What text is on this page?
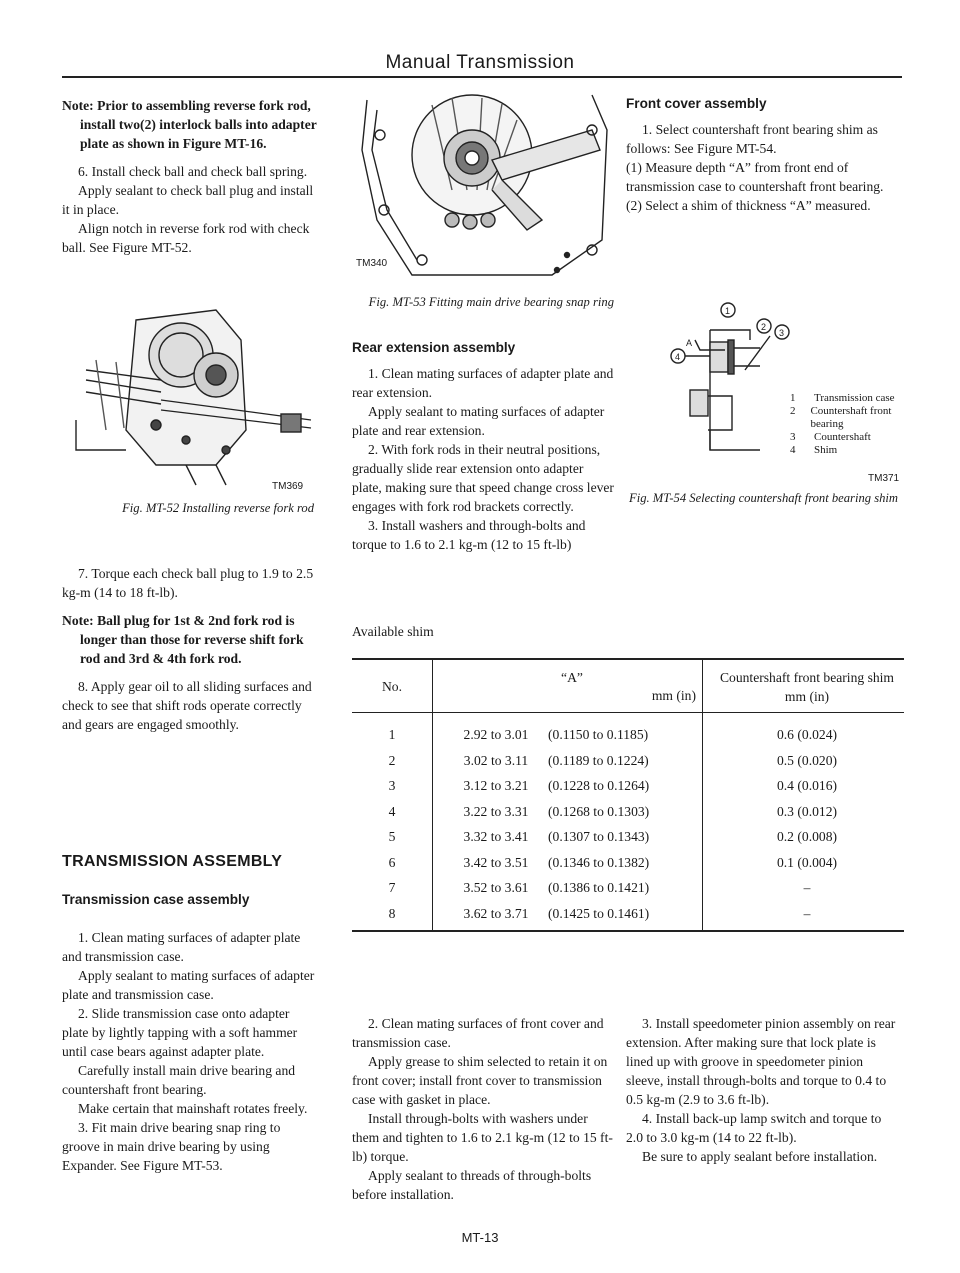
Manual Transmission

Note: Prior to assembling reverse fork rod, install two(2) interlock balls into adapter plate as shown in Figure MT-16.

6. Install check ball and check ball spring.

Apply sealant to check ball plug and install it in place.

Align notch in reverse fork rod with check ball. See Figure MT-52.

TM369
Fig. MT-52 Installing reverse fork rod

7. Torque each check ball plug to 1.9 to 2.5 kg-m (14 to 18 ft-lb).

Note: Ball plug for 1st & 2nd fork rod is longer than those for reverse shift fork rod and 3rd & 4th fork rod.

8. Apply gear oil to all sliding surfaces and check to see that shift rods operate correctly and gears are engaged smoothly.

TRANSMISSION ASSEMBLY
Transmission case assembly

1. Clean mating surfaces of adapter plate and transmission case.

Apply sealant to mating surfaces of adapter plate and transmission case.

2. Slide transmission case onto adapter plate by lightly tapping with a soft hammer until case bears against adapter plate.

Carefully install main drive bearing and countershaft front bearing.

Make certain that mainshaft rotates freely.

3. Fit main drive bearing snap ring to groove in main drive bearing by using Expander. See Figure MT-53.

TM340
Fig. MT-53 Fitting main drive bearing snap ring
Rear extension assembly

1. Clean mating surfaces of adapter plate and rear extension.

Apply sealant to mating surfaces of adapter plate and rear extension.

2. With fork rods in their neutral positions, gradually slide rear extension onto adapter plate, making sure that speed change cross lever engages with fork rod brackets correctly.

3. Install washers and through-bolts and torque to 1.6 to 2.1 kg-m (12 to 15 ft-lb)

Available shim
Front cover assembly

1. Select countershaft front bearing shim as follows: See Figure MT-54.

(1) Measure depth “A” from front end of transmission case to countershaft front bearing.

(2) Select a shim of thickness “A” measured.

1
2
3
4
A
1	Transmission case
2	Countershaft front bearing
3	Countershaft
4	Shim
TM371
Fig. MT-54 Selecting countershaft front bearing shim
No.
“A”
mm (in)
Countershaft front bearing shim mm (in)
1	2.92 to 3.01	(0.1150 to 0.1185)	0.6 (0.024)
2	3.02 to 3.11	(0.1189 to 0.1224)	0.5 (0.020)
3	3.12 to 3.21	(0.1228 to 0.1264)	0.4 (0.016)
4	3.22 to 3.31	(0.1268 to 0.1303)	0.3 (0.012)
5	3.32 to 3.41	(0.1307 to 0.1343)	0.2 (0.008)
6	3.42 to 3.51	(0.1346 to 0.1382)	0.1 (0.004)
7	3.52 to 3.61	(0.1386 to 0.1421)	–
8	3.62 to 3.71	(0.1425 to 0.1461)	–

2. Clean mating surfaces of front cover and transmission case.

Apply grease to shim selected to retain it on front cover; install front cover to transmission case with gasket in place.

Install through-bolts with washers under them and tighten to 1.6 to 2.1 kg-m (12 to 15 ft-lb) torque.

Apply sealant to threads of through-bolts before installation.

3. Install speedometer pinion assembly on rear extension. After making sure that lock plate is lined up with groove in speedometer pinion sleeve, install through-bolts and torque to 0.4 to 0.5 kg-m (2.9 to 3.6 ft-lb).

4. Install back-up lamp switch and torque to 2.0 to 3.0 kg-m (14 to 22 ft-lb).

Be sure to apply sealant before installation.

MT-13
